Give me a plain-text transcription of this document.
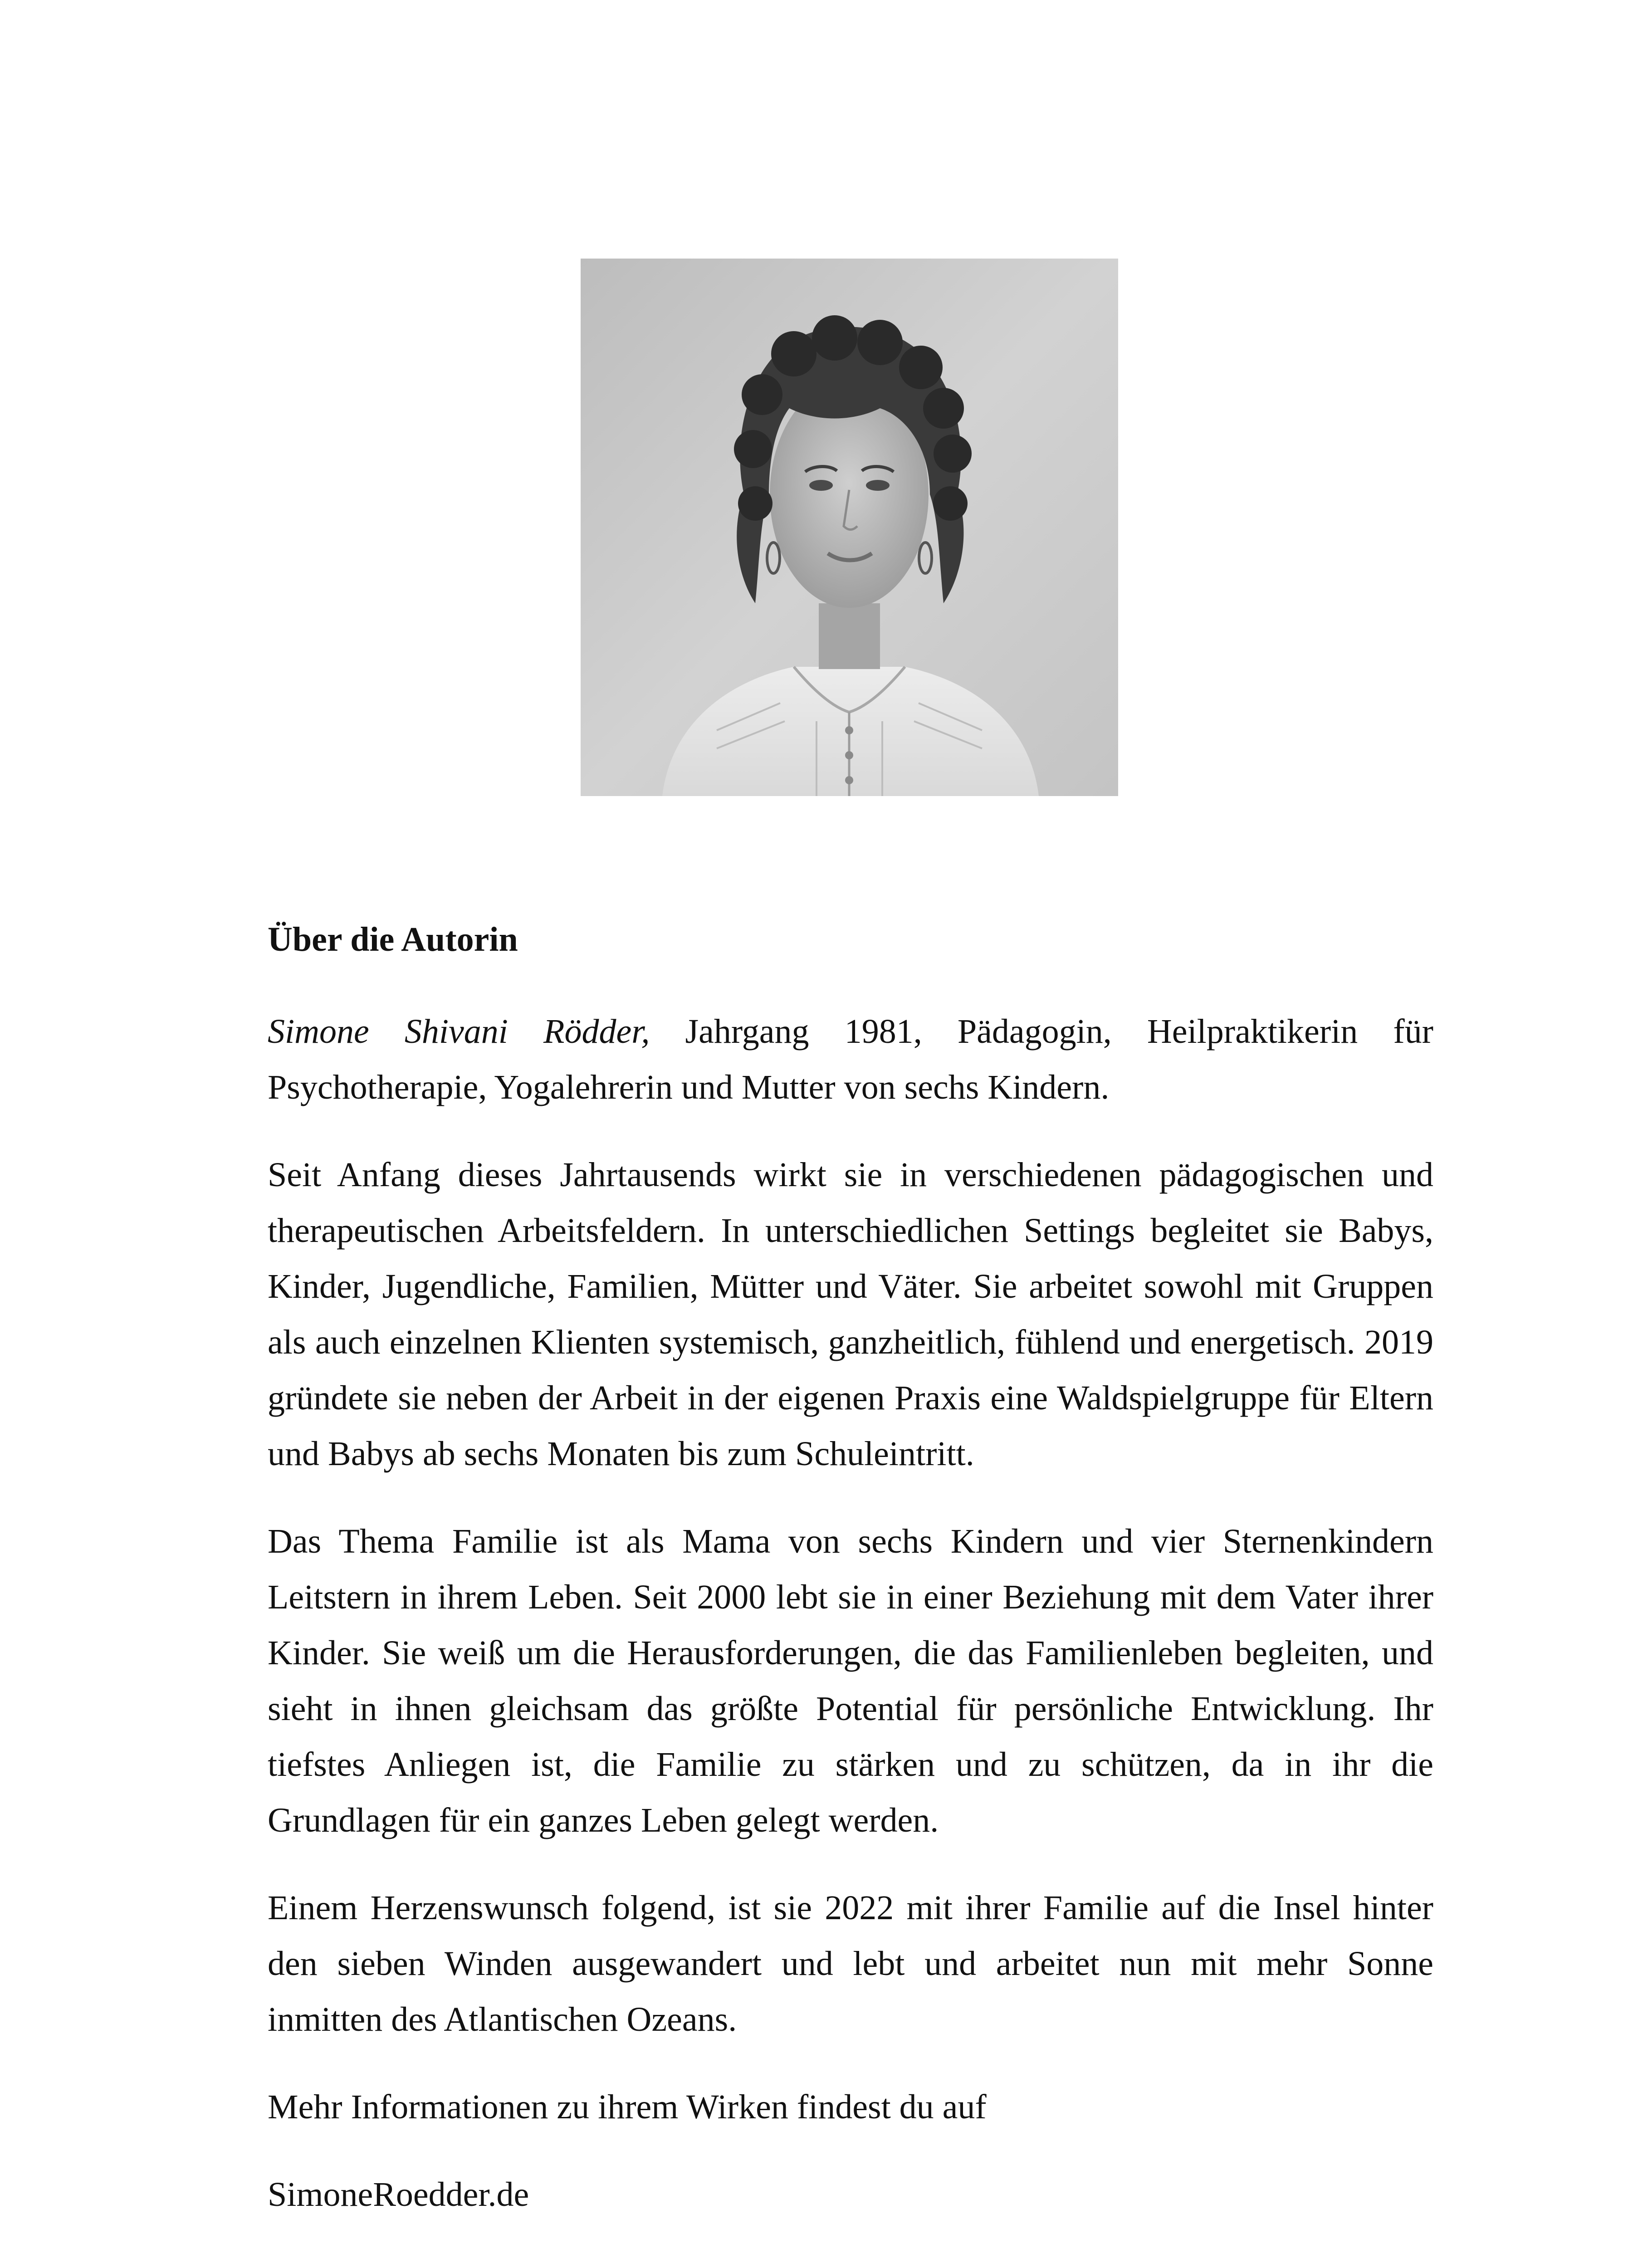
Über die Autorin

Simone Shivani Rödder, Jahrgang 1981, Pädagogin, Heilpraktikerin für Psychotherapie, Yogalehrerin und Mutter von sechs Kindern.

Seit Anfang dieses Jahrtausends wirkt sie in verschiedenen pädagogischen und therapeutischen Arbeitsfeldern. In unterschiedlichen Settings begleitet sie Babys, Kinder, Jugendliche, Familien, Mütter und Väter. Sie arbeitet sowohl mit Gruppen als auch einzelnen Klienten systemisch, ganzheitlich, fühlend und energetisch. 2019 gründete sie neben der Arbeit in der eigenen Praxis eine Waldspielgruppe für Eltern und Babys ab sechs Monaten bis zum Schuleintritt.

Das Thema Familie ist als Mama von sechs Kindern und vier Sternenkindern Leitstern in ihrem Leben. Seit 2000 lebt sie in einer Beziehung mit dem Vater ihrer Kinder. Sie weiß um die Herausforderungen, die das Familienleben begleiten, und sieht in ihnen gleichsam das größte Potential für persönliche Entwicklung. Ihr tiefstes Anliegen ist, die Familie zu stärken und zu schützen, da in ihr die Grundlagen für ein ganzes Leben gelegt werden.

Einem Herzenswunsch folgend, ist sie 2022 mit ihrer Familie auf die Insel hinter den sieben Winden ausgewandert und lebt und arbeitet nun mit mehr Sonne inmitten des Atlantischen Ozeans.

Mehr Informationen zu ihrem Wirken findest du auf

SimoneRoedder.de
